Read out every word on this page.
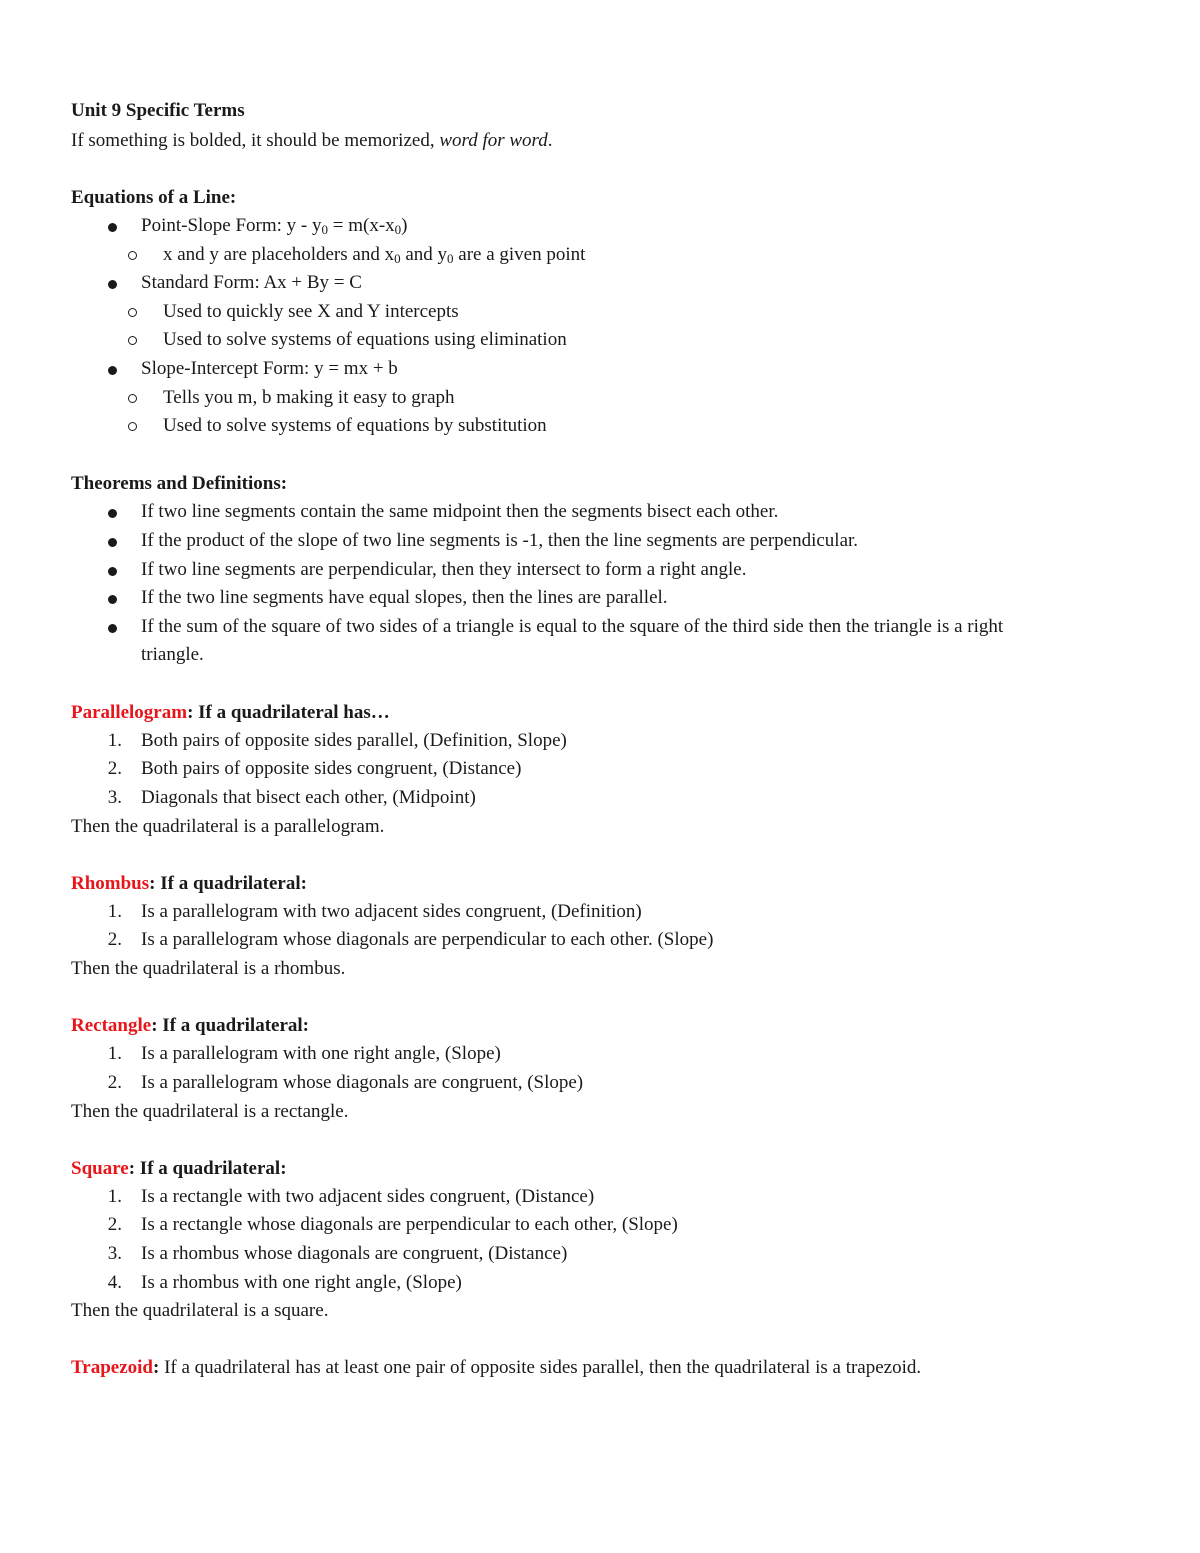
Unit 9 Specific Terms
If something is bolded, it should be memorized, word for word.
Equations of a Line:
Point-Slope Form: $y - y_0 = m(x-x_0)$
x and y are placeholders and $x_0$ and $y_0$ are a given point
Standard Form: Ax + By = C
Used to quickly see X and Y intercepts
Used to solve systems of equations using elimination
Slope-Intercept Form: y = mx + b
Tells you m, b making it easy to graph
Used to solve systems of equations by substitution
Theorems and Definitions:
If two line segments contain the same midpoint then the segments bisect each other.
If the product of the slope of two line segments is -1, then the line segments are perpendicular.
If two line segments are perpendicular, then they intersect to form a right angle.
If the two line segments have equal slopes, then the lines are parallel.
If the sum of the square of two sides of a triangle is equal to the square of the third side then the triangle is a right
triangle.
Parallelogram: If a quadrilateral has…
1. Both pairs of opposite sides parallel, (Definition, Slope)
2. Both pairs of opposite sides congruent, (Distance)
3. Diagonals that bisect each other, (Midpoint)
Then the quadrilateral is a parallelogram.
Rhombus: If a quadrilateral:
1. Is a parallelogram with two adjacent sides congruent, (Definition)
2. Is a parallelogram whose diagonals are perpendicular to each other. (Slope)
Then the quadrilateral is a rhombus.
Rectangle: If a quadrilateral:
1. Is a parallelogram with one right angle, (Slope)
2. Is a parallelogram whose diagonals are congruent, (Slope)
Then the quadrilateral is a rectangle.
Square: If a quadrilateral:
1. Is a rectangle with two adjacent sides congruent, (Distance)
2. Is a rectangle whose diagonals are perpendicular to each other, (Slope)
3. Is a rhombus whose diagonals are congruent, (Distance)
4. Is a rhombus with one right angle, (Slope)
Then the quadrilateral is a square.
Trapezoid: If a quadrilateral has at least one pair of opposite sides parallel, then the quadrilateral is a trapezoid.
